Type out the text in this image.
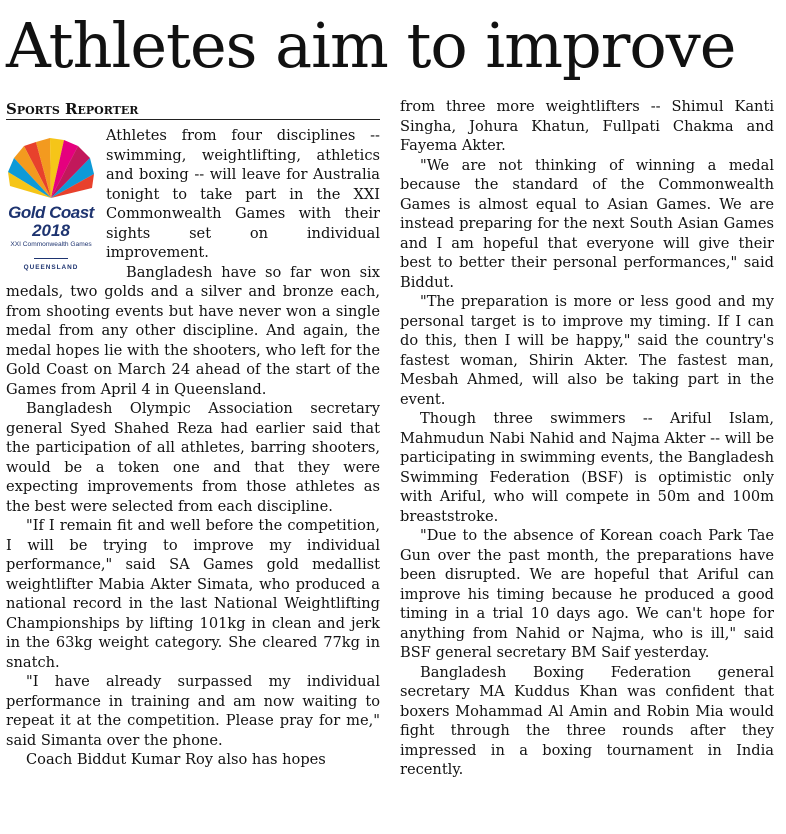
Athletes aim to improve
Sports Reporter
Gold Coast
2018
XXI Commonwealth Games
QUEENSLAND

Athletes from four disciplines -- swimming, weightlifting, athletics and boxing -- will leave for Australia tonight to take part in the XXI Commonwealth Games with their sights set on individual improvement.

Bangladesh have so far won six medals, two golds and a silver and bronze each, from shooting events but have never won a single medal from any other discipline. And again, the medal hopes lie with the shooters, who left for the Gold Coast on March 24 ahead of the start of the Games from April 4 in Queensland.

Bangladesh Olympic Association secretary general Syed Shahed Reza had earlier said that the participation of all athletes, barring shooters, would be a token one and that they were expecting improvements from those athletes as the best were selected from each discipline.

"If I remain fit and well before the competition, I will be trying to improve my individual performance," said SA Games gold medallist weightlifter Mabia Akter Simata, who produced a national record in the last National Weightlifting Championships by lifting 101kg in clean and jerk in the 63kg weight category. She cleared 77kg in snatch.

"I have already surpassed my individual performance in training and am now waiting to repeat it at the competition. Please pray for me," said Simanta over the phone.

Coach Biddut Kumar Roy also has hopes

from three more weightlifters -- Shimul Kanti Singha, Johura Khatun, Fullpati Chakma and Fayema Akter.

"We are not thinking of winning a medal because the standard of the Commonwealth Games is almost equal to Asian Games. We are instead preparing for the next South Asian Games and I am hopeful that everyone will give their best to better their personal performances," said Biddut.

"The preparation is more or less good and my personal target is to improve my timing. If I can do this, then I will be happy," said the country's fastest woman, Shirin Akter. The fastest man, Mesbah Ahmed, will also be taking part in the event.

Though three swimmers -- Ariful Islam, Mahmudun Nabi Nahid and Najma Akter -- will be participating in swimming events, the Bangladesh Swimming Federation (BSF) is optimistic only with Ariful, who will compete in 50m and 100m breaststroke.

"Due to the absence of Korean coach Park Tae Gun over the past month, the preparations have been disrupted. We are hopeful that Ariful can improve his timing because he produced a good timing in a trial 10 days ago. We can't hope for anything from Nahid or Najma, who is ill," said BSF general secretary BM Saif yesterday.

Bangladesh Boxing Federation general secretary MA Kuddus Khan was confident that boxers Mohammad Al Amin and Robin Mia would fight through the three rounds after they impressed in a boxing tournament in India recently.
